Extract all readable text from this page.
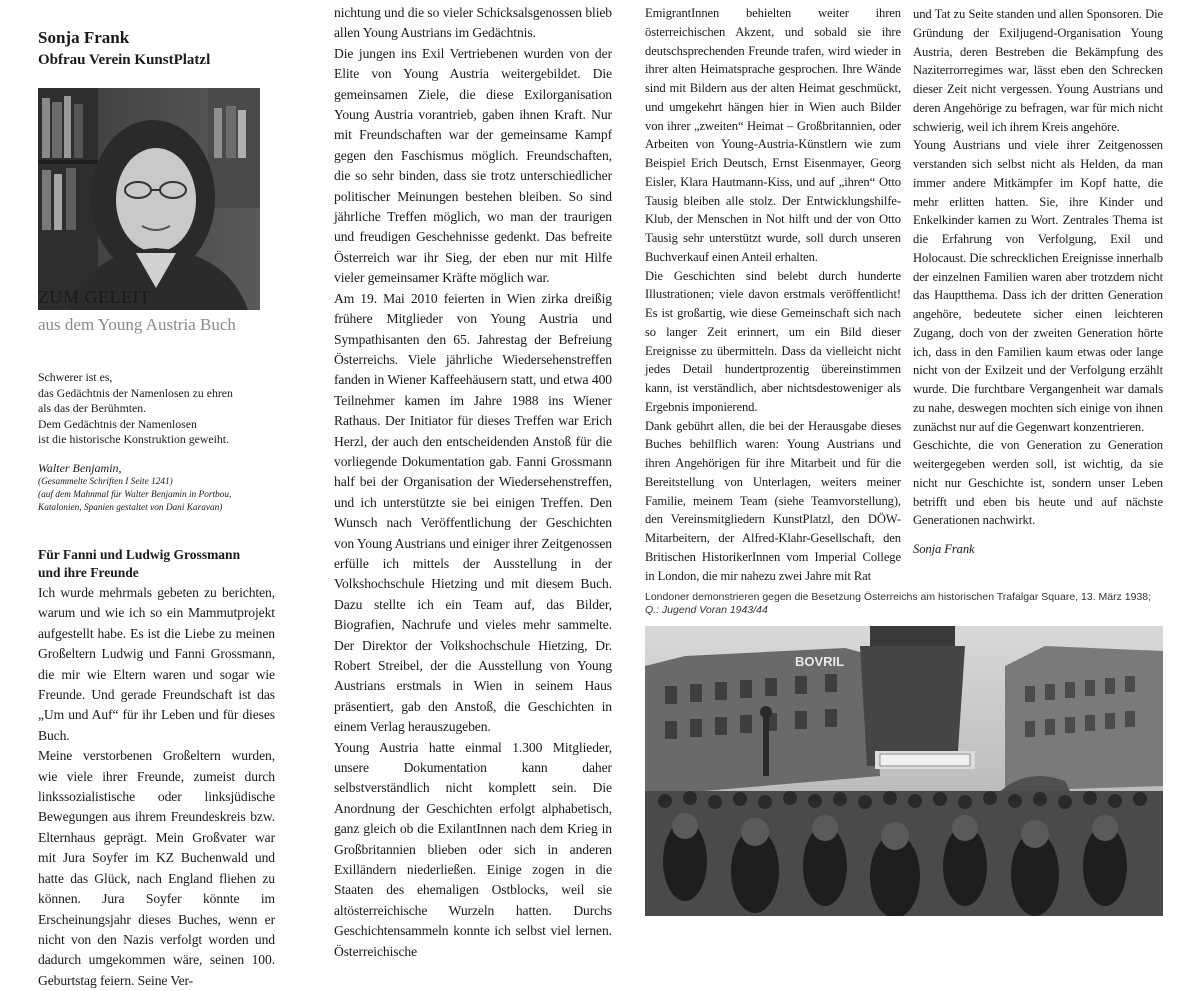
Sonja Frank
Obfrau Verein KunstPlatzl
ZUM GELEIT
aus dem Young Austria Buch
Schwerer ist es,
das Gedächtnis der Namenlosen zu ehren
als das der Berühmten.
Dem Gedächtnis der Namenlosen
ist die historische Konstruktion geweiht.
Walter Benjamin,
(Gesammelte Schriften I Seite 1241)
(auf dem Mahnmal für Walter Benjamin in Portbou,
Katalonien, Spanien gestaltet von Dani Karavan)
Für Fanni und Ludwig Grossmann
und ihre Freunde

Ich wurde mehrmals gebeten zu berichten, warum und wie ich so ein Mammutprojekt aufgestellt habe. Es ist die Liebe zu meinen Großeltern Ludwig und Fanni Grossmann, die mir wie Eltern waren und sogar wie Freunde. Und gerade Freundschaft ist das „Um und Auf“ für ihr Leben und für dieses Buch.

Meine verstorbenen Großeltern wurden, wie viele ihrer Freunde, zumeist durch linkssozialistische oder linksjüdische Bewegungen aus ihrem Freundeskreis bzw. Elternhaus geprägt. Mein Großvater war mit Jura Soyfer im KZ Buchenwald und hatte das Glück, nach England fliehen zu können. Jura Soyfer könnte im Erscheinungsjahr dieses Buches, wenn er nicht von den Nazis verfolgt worden und dadurch umgekommen wäre, seinen 100. Geburtstag feiern. Seine Ver-

nichtung und die so vieler Schicksalsgenossen blieb allen Young Austrians im Gedächtnis.

Die jungen ins Exil Vertriebenen wurden von der Elite von Young Austria weitergebildet. Die gemeinsamen Ziele, die diese Exilorganisation Young Austria vorantrieb, gaben ihnen Kraft. Nur mit Freundschaften war der gemeinsame Kampf gegen den Faschismus möglich. Freundschaften, die so sehr binden, dass sie trotz unterschiedlicher politischer Meinungen bestehen bleiben. So sind jährliche Treffen möglich, wo man der traurigen und freudigen Geschehnisse gedenkt. Das befreite Österreich war ihr Sieg, der eben nur mit Hilfe vieler gemeinsamer Kräfte möglich war.

Am 19. Mai 2010 feierten in Wien zirka dreißig frühere Mitglieder von Young Austria und Sympathisanten den 65. Jahrestag der Befreiung Österreichs. Viele jährliche Wiedersehenstreffen fanden in Wiener Kaffeehäusern statt, und etwa 400 Teilnehmer kamen im Jahre 1988 ins Wiener Rathaus. Der Initiator für dieses Treffen war Erich Herzl, der auch den entscheidenden Anstoß für die vorliegende Dokumentation gab. Fanni Grossmann half bei der Organisation der Wiedersehenstreffen, und ich unterstützte sie bei einigen Treffen. Den Wunsch nach Veröffentlichung der Geschichten von Young Austrians und einiger ihrer Zeitgenossen erfülle ich mittels der Ausstellung in der Volkshochschule Hietzing und mit diesem Buch. Dazu stellte ich ein Team auf, das Bilder, Biografien, Nachrufe und vieles mehr sammelte. Der Direktor der Volkshochschule Hietzing, Dr. Robert Streibel, der die Ausstellung von Young Austrians erstmals in Wien in seinem Haus präsentiert, gab den Anstoß, die Geschichten in einem Verlag herauszugeben.

Young Austria hatte einmal 1.300 Mitglieder, unsere Dokumentation kann daher selbstverständlich nicht komplett sein. Die Anordnung der Geschichten erfolgt alphabetisch, ganz gleich ob die ExilantInnen nach dem Krieg in Großbritannien blieben oder sich in anderen Exilländern niederließen. Einige zogen in die Staaten des ehemaligen Ostblocks, weil sie altösterreichische Wurzeln hatten. Durchs Geschichtensammeln konnte ich selbst viel lernen. Österreichische

EmigrantInnen behielten weiter ihren österreichischen Akzent, und sobald sie ihre deutschsprechenden Freunde trafen, wird wieder in ihrer alten Heimatsprache gesprochen. Ihre Wände sind mit Bildern aus der alten Heimat geschmückt, und umgekehrt hängen hier in Wien auch Bilder von ihrer „zweiten“ Heimat – Großbritannien, oder Arbeiten von Young-Austria-Künstlern wie zum Beispiel Erich Deutsch, Ernst Eisenmayer, Georg Eisler, Klara Hautmann-Kiss, und auf „ihren“ Otto Tausig bleiben alle stolz. Der Entwicklungshilfe-Klub, der Menschen in Not hilft und der von Otto Tausig sehr unterstützt wurde, soll durch unseren Buchverkauf einen Anteil erhalten.

Die Geschichten sind belebt durch hunderte Illustrationen; viele davon erstmals veröffentlicht! Es ist großartig, wie diese Gemeinschaft sich nach so langer Zeit erinnert, um ein Bild dieser Ereignisse zu übermitteln. Dass da vielleicht nicht jedes Detail hundertprozentig übereinstimmen kann, ist verständlich, aber nichtsdestoweniger als Ergebnis imponierend.

Dank gebührt allen, die bei der Herausgabe dieses Buches behilflich waren: Young Austrians und ihren Angehörigen für ihre Mitarbeit und für die Bereitstellung von Unterlagen, weiters meiner Familie, meinem Team (siehe Teamvorstellung), den Vereinsmitgliedern KunstPlatzl, den DÖW-Mitarbeitern, der Alfred-Klahr-Gesellschaft, den Britischen HistorikerInnen vom Imperial College in London, die mir nahezu zwei Jahre mit Rat

und Tat zu Seite standen und allen Sponsoren. Die Gründung der Exiljugend-Organisation Young Austria, deren Bestreben die Bekämpfung des Naziterrorregimes war, lässt eben den Schrecken dieser Zeit nicht vergessen. Young Austrians und deren Angehörige zu befragen, war für mich nicht schwierig, weil ich ihrem Kreis angehöre.

Young Austrians und viele ihrer Zeitgenossen verstanden sich selbst nicht als Helden, da man immer andere Mitkämpfer im Kopf hatte, die mehr erlitten hatten. Sie, ihre Kinder und Enkelkinder kamen zu Wort. Zentrales Thema ist die Erfahrung von Verfolgung, Exil und Holocaust. Die schrecklichen Ereignisse innerhalb der einzelnen Familien waren aber trotzdem nicht das Hauptthema. Dass ich der dritten Generation angehöre, bedeutete sicher einen leichteren Zugang, doch von der zweiten Generation hörte ich, dass in den Familien kaum etwas oder lange nicht von der Exilzeit und der Verfolgung erzählt wurde. Die furchtbare Vergangenheit war damals zu nahe, deswegen mochten sich einige von ihnen zunächst nur auf die Gegenwart konzentrieren.

Geschichte, die von Generation zu Generation weitergegeben werden soll, ist wichtig, da sie nicht nur Geschichte ist, sondern unser Leben betrifft und eben bis heute und auf nächste Generationen nachwirkt.

Sonja Frank

Londoner demonstrieren gegen die Besetzung Österreichs am historischen Trafalgar Square, 13. März 1938;
Q.: Jugend Voran 1943/44
BOVRIL
